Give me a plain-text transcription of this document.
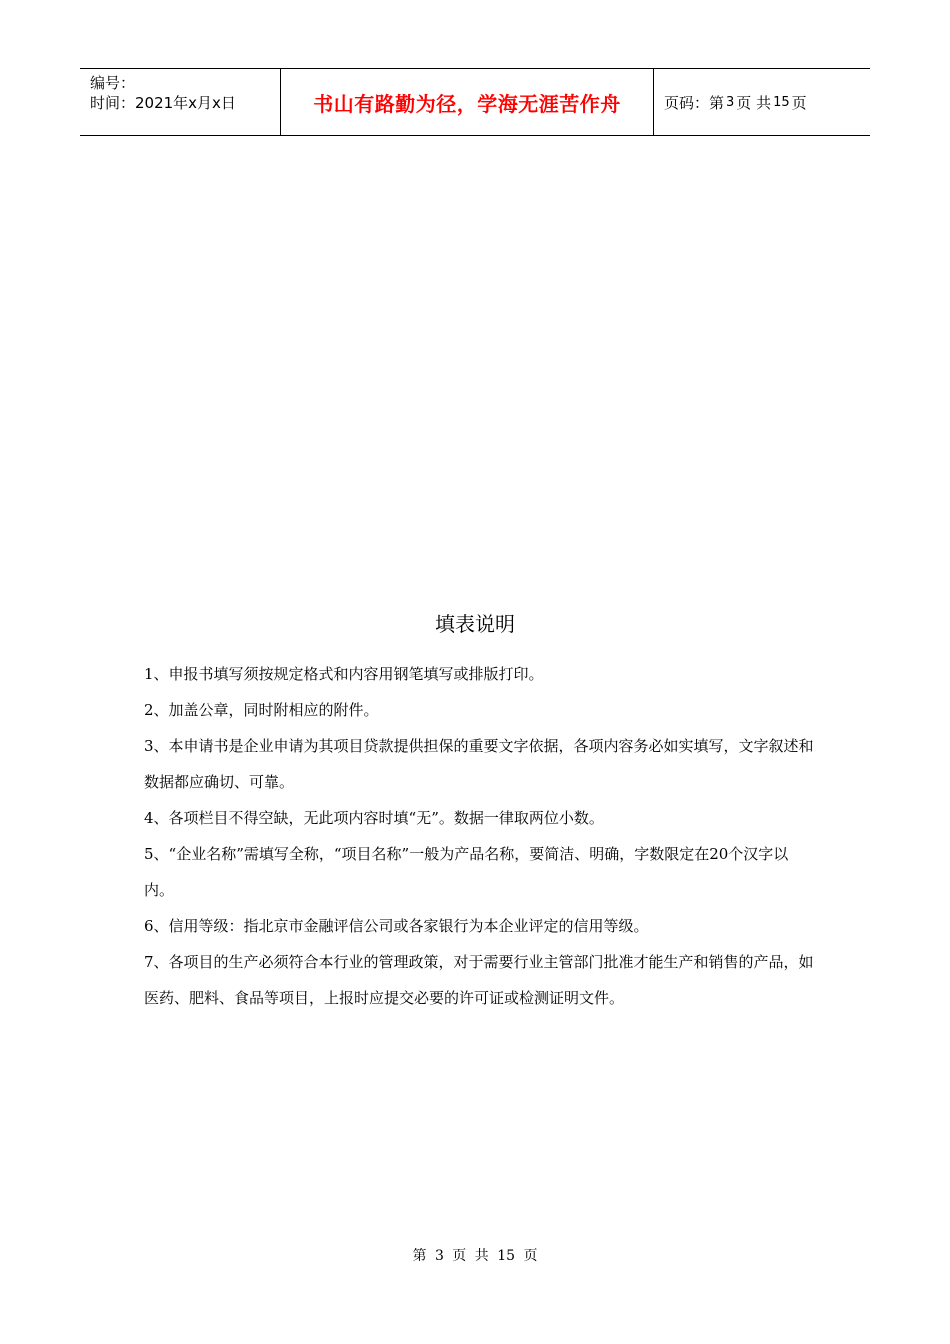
编号：
时间：2021年x月x日	书山有路勤为径，学海无涯苦作舟	页码：第 3 页 共 15 页
填表说明
1、申报书填写须按规定格式和内容用钢笔填写或排版打印。
2、加盖公章，同时附相应的附件。
3、本申请书是企业申请为其项目贷款提供担保的重要文字依据，各项内容务必如实填写，文字叙述和数据都应确切、可靠。
4、各项栏目不得空缺，无此项内容时填“无”。数据一律取两位小数。
5、“企业名称”需填写全称，“项目名称”一般为产品名称，要简洁、明确，字数限定在20个汉字以内。
6、信用等级：指北京市金融评信公司或各家银行为本企业评定的信用等级。
7、各项目的生产必须符合本行业的管理政策，对于需要行业主管部门批准才能生产和销售的产品，如医药、肥料、食品等项目，上报时应提交必要的许可证或检测证明文件。
第 3 页 共 15 页
